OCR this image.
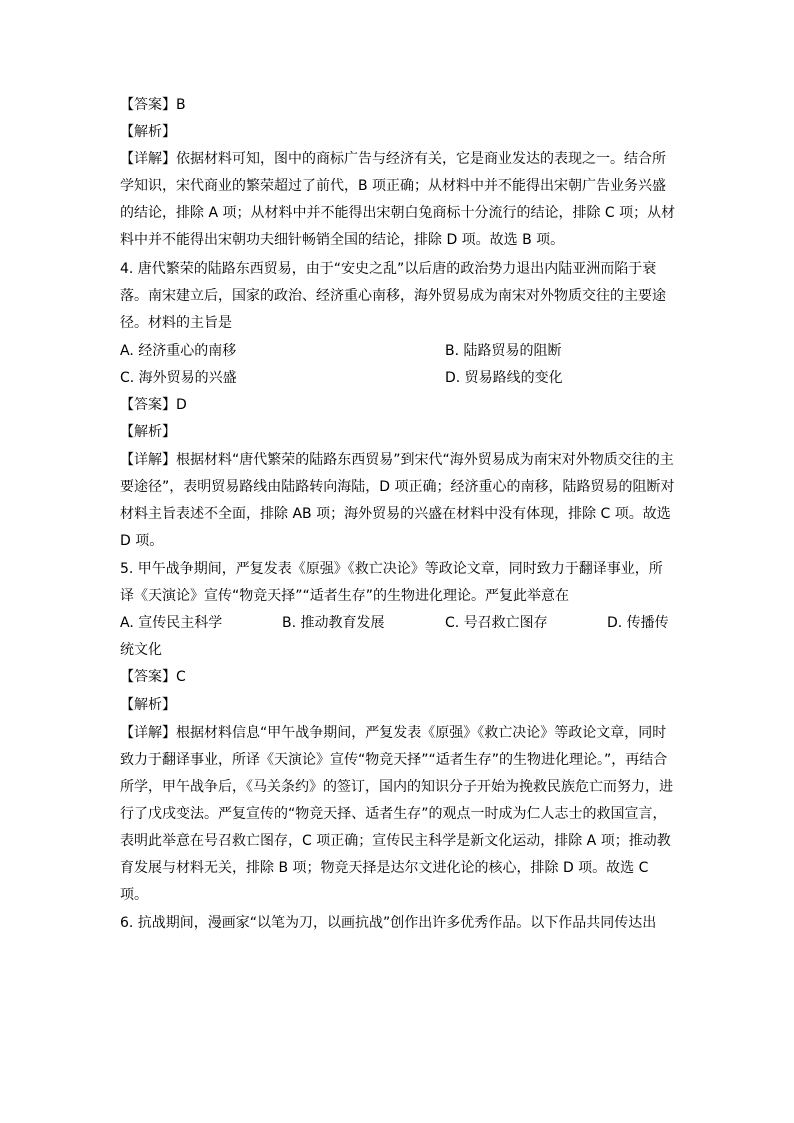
【答案】B
【解析】
【详解】依据材料可知，图中的商标广告与经济有关，它是商业发达的表现之一。结合所
学知识，宋代商业的繁荣超过了前代，B 项正确；从材料中并不能得出宋朝广告业务兴盛
的结论，排除 A 项；从材料中并不能得出宋朝白兔商标十分流行的结论，排除 C 项；从材
料中并不能得出宋朝功夫细针畅销全国的结论，排除 D 项。故选 B 项。
4. 唐代繁荣的陆路东西贸易，由于“安史之乱”以后唐的政治势力退出内陆亚洲而陷于衰
落。南宋建立后，国家的政治、经济重心南移，海外贸易成为南宋对外物质交往的主要途
径。材料的主旨是
A. 经济重心的南移	B. 陆路贸易的阻断
C. 海外贸易的兴盛	D. 贸易路线的变化
【答案】D
【解析】
【详解】根据材料“唐代繁荣的陆路东西贸易”到宋代“海外贸易成为南宋对外物质交往的主
要途径”，表明贸易路线由陆路转向海陆，D 项正确；经济重心的南移，陆路贸易的阻断对
材料主旨表述不全面，排除 AB 项；海外贸易的兴盛在材料中没有体现，排除 C 项。故选
D 项。
5. 甲午战争期间，严复发表《原强》《救亡决论》等政论文章，同时致力于翻译事业，所
译《天演论》宣传“物竞天择”“适者生存”的生物进化理论。严复此举意在
A. 宣传民主科学	B. 推动教育发展	C. 号召救亡图存	D. 传播传
统文化
【答案】C
【解析】
【详解】根据材料信息“甲午战争期间，严复发表《原强》《救亡决论》等政论文章，同时
致力于翻译事业，所译《天演论》宣传“物竞天择”“适者生存”的生物进化理论。”，再结合
所学，甲午战争后，《马关条约》的签订，国内的知识分子开始为挽救民族危亡而努力，进
行了戊戌变法。严复宣传的“物竞天择、适者生存”的观点一时成为仁人志士的救国宣言，
表明此举意在号召救亡图存，C 项正确；宣传民主科学是新文化运动，排除 A 项；推动教
育发展与材料无关，排除 B 项；物竞天择是达尔文进化论的核心，排除 D 项。故选 C
项。
6. 抗战期间，漫画家“以笔为刀，以画抗战”创作出许多优秀作品。以下作品共同传达出
